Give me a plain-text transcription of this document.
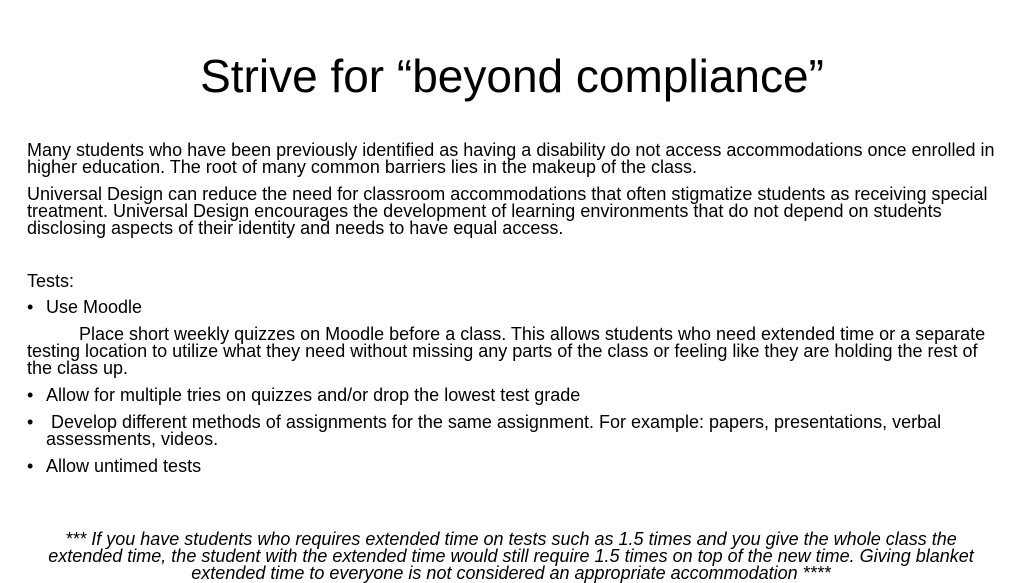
Strive for “beyond compliance”

Many students who have been previously identified as having a disability do not access accommodations once enrolled in higher education. The root of many common barriers lies in the makeup of the class.

Universal Design can reduce the need for classroom accommodations that often stigmatize students as receiving special treatment. Universal Design encourages the development of learning environments that do not depend on students disclosing aspects of their identity and needs to have equal access.

Tests:

• Use Moodle

Place short weekly quizzes on Moodle before a class. This allows students who need extended time or a separate testing location to utilize what they need without missing any parts of the class or feeling like they are holding the rest of the class up.

• Allow for multiple tries on quizzes and/or drop the lowest test grade
• Develop different methods of assignments for the same assignment. For example: papers, presentations, verbal assessments, videos.
• Allow untimed tests

*** If you have students who requires extended time on tests such as 1.5 times and you give the whole class the extended time, the student with the extended time would still require 1.5 times on top of the new time. Giving blanket extended time to everyone is not considered an appropriate accommodation ****
